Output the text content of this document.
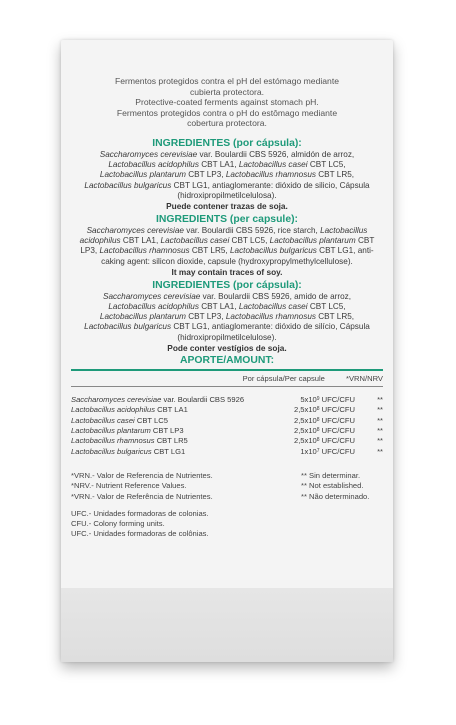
Fermentos protegidos contra el pH del estómago mediante cubierta protectora.

Protective-coated ferments against stomach pH.

Fermentos protegidos contra o pH do estômago mediante cobertura protectora.

INGREDIENTES (por cápsula):

Saccharomyces cerevisiae var. Boulardii CBS 5926, almidón de arroz,
Lactobacillus acidophilus CBT LA1, Lactobacillus casei CBT LC5,
Lactobacillus plantarum CBT LP3, Lactobacillus rhamnosus CBT LR5,
Lactobacillus bulgaricus CBT LG1, antiaglomerante: dióxido de silicio, Cápsula (hidroxipropilmetilcelulosa).

Puede contener trazas de soja.
INGREDIENTS (per capsule):

Saccharomyces cerevisiae var. Boulardii CBS 5926, rice starch, Lactobacillus acidophilus CBT LA1, Lactobacillus casei CBT LC5, Lactobacillus plantarum CBT LP3, Lactobacillus rhamnosus CBT LR5, Lactobacillus bulgaricus CBT LG1, anti-caking agent: silicon dioxide, capsule (hydroxypropylmethylcellulose).

It may contain traces of soy.
INGREDIENTES (por cápsula):

Saccharomyces cerevisiae var. Boulardii CBS 5926, amido de arroz,
Lactobacillus acidophilus CBT LA1, Lactobacillus casei CBT LC5,
Lactobacillus plantarum CBT LP3, Lactobacillus rhamnosus CBT LR5,
Lactobacillus bulgaricus CBT LG1, antiaglomerante: dióxido de silício, Cápsula (hidroxipropilmetilcelulose).

Pode conter vestígios de soja.
APORTE/AMOUNT:
Por cápsula/Per capsule	*VRN/NRV
Saccharomyces cerevisiae var. Boulardii CBS 5926	$5x10^9$ UFC/CFU	**
Lactobacillus acidophilus CBT LA1	$2,5x10^8$ UFC/CFU	**
Lactobacillus casei CBT LC5	$2,5x10^8$ UFC/CFU	**
Lactobacillus plantarum CBT LP3	$2,5x10^8$ UFC/CFU	**
Lactobacillus rhamnosus CBT LR5	$2,5x10^8$ UFC/CFU	**
Lactobacillus bulgaricus CBT LG1	$1x10^7$ UFC/CFU	**
*VRN.- Valor de Referencia de Nutrientes.	** Sin determinar.
*NRV.- Nutrient Reference Values.	** Not established.
*VRN.- Valor de Referência de Nutrientes.	** Não determinado.
UFC.- Unidades formadoras de colonias.
CFU.- Colony forming units.
UFC.- Unidades formadoras de colônias.
